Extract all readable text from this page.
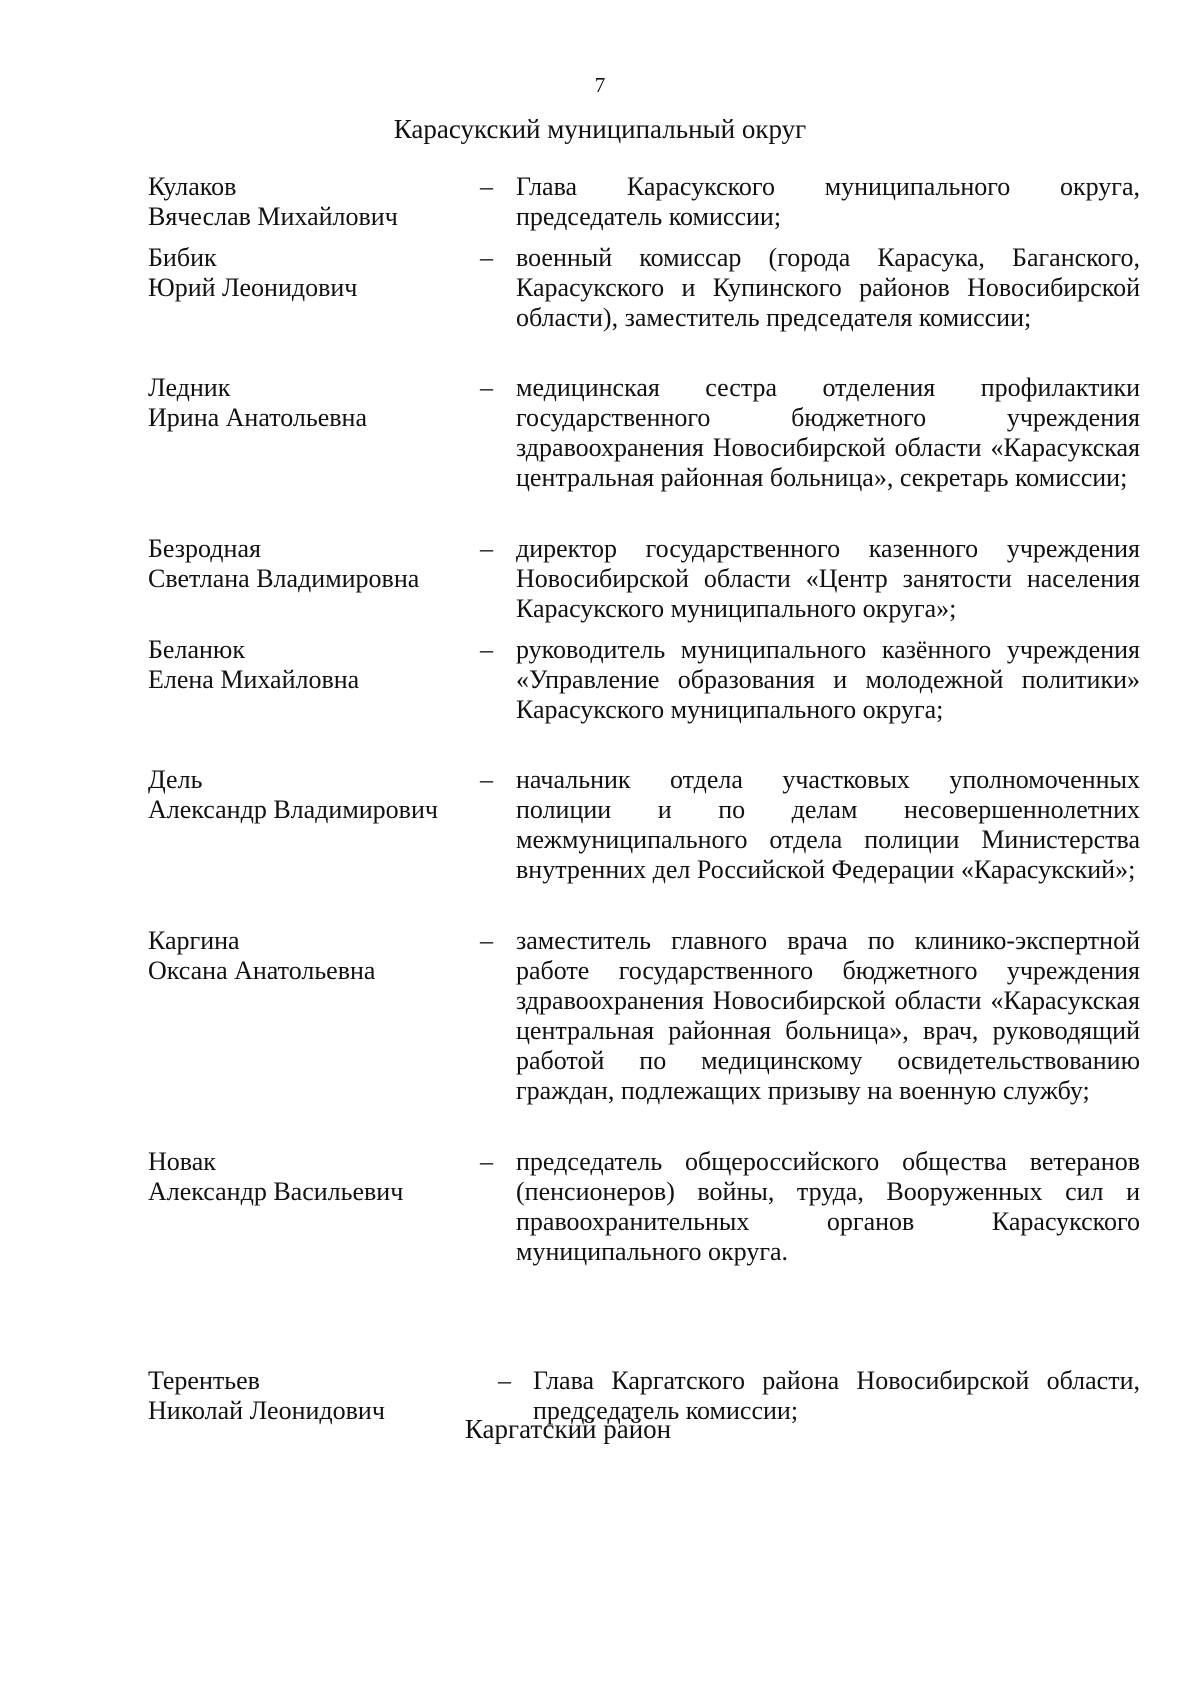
7
Карасукский муниципальный округ
Кулаков
Вячеслав Михайлович
– Глава Карасукского муниципального округа, председатель комиссии;
Бибик
Юрий Леонидович
– военный комиссар (города Карасука, Баганского, Карасукского и Купинского районов Новосибирской области), заместитель председателя комиссии;
Ледник
Ирина Анатольевна
– медицинская сестра отделения профилактики государственного бюджетного учреждения здравоохранения Новосибирской области «Карасукская центральная районная больница», секретарь комиссии;
Безродная
Светлана Владимировна
– директор государственного казенного учреждения Новосибирской области «Центр занятости населения Карасукского муниципального округа»;
Беланюк
Елена Михайловна
– руководитель муниципального казённого учреждения «Управление образования и молодежной политики» Карасукского муниципального округа;
Дель
Александр Владимирович
– начальник отдела участковых уполномоченных полиции и по делам несовершеннолетних межмуниципального отдела полиции Министерства внутренних дел Российской Федерации «Карасукский»;
Каргина
Оксана Анатольевна
– заместитель главного врача по клинико-экспертной работе государственного бюджетного учреждения здравоохранения Новосибирской области «Карасукская центральная районная больница», врач, руководящий работой по медицинскому освидетельствованию граждан, подлежащих призыву на военную службу;
Новак
Александр Васильевич
– председатель общероссийского общества ветеранов (пенсионеров) войны, труда, Вооруженных сил и правоохранительных органов Карасукского муниципального округа.
Каргатский район
Терентьев
Николай Леонидович
– Глава Каргатского района Новосибирской области, председатель комиссии;
